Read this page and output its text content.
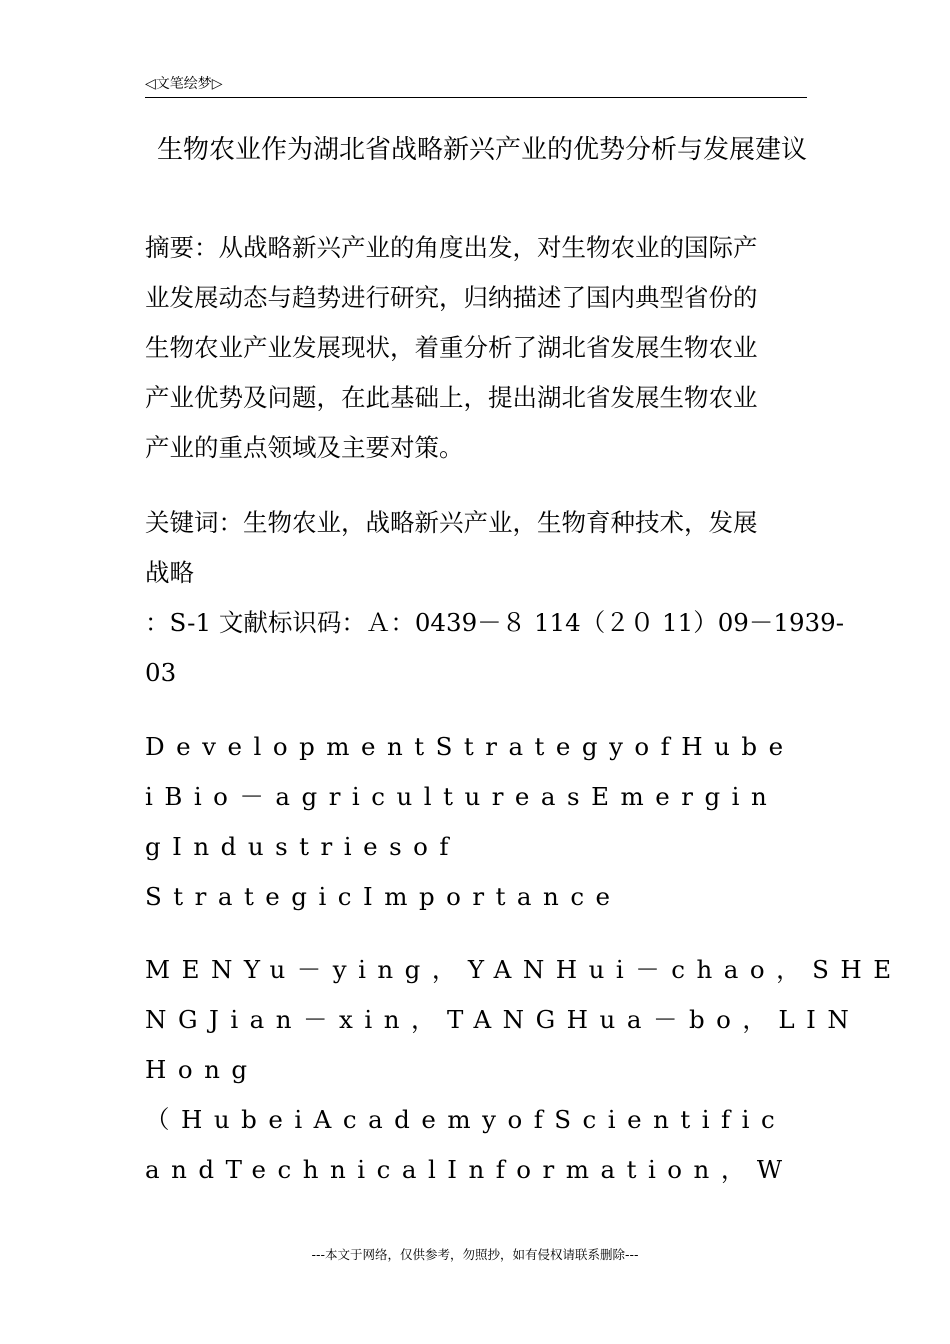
◁文笔绘梦▷
生物农业作为湖北省战略新兴产业的优势分析与发展建议
摘要：从战略新兴产业的角度出发，对生物农业的国际产
业发展动态与趋势进行研究，归纳描述了国内典型省份的
生物农业产业发展现状，着重分析了湖北省发展生物农业
产业优势及问题，在此基础上，提出湖北省发展生物农业
产业的重点领域及主要对策。
关键词：生物农业，战略新兴产业，生物育种技术，发展
战略
：S-1 文献标识码：Ａ：0439－８ 114（２０ 11）09－1939-
03
DevelopmentStrategyofHube
iBio－agricultureasEmergin
gIndustriesof
StrategicImportance
MENYu－ying，YANHui－chao，SHE
NGJian－xin，TANGHua－bo，LIN
Hong
（HubeiAcademyofScientific
andTechnicalInformation，W
---本文于网络，仅供参考，勿照抄，如有侵权请联系删除---
